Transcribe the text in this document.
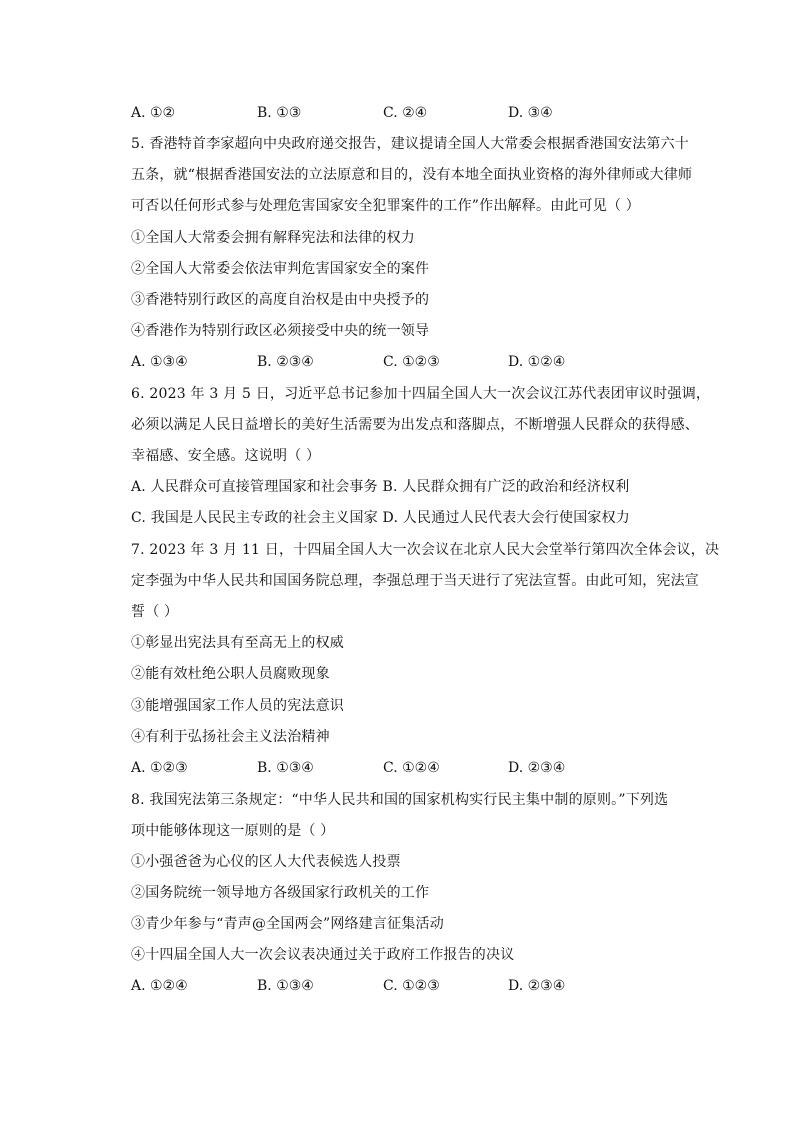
A. ①②	B. ①③	C. ②④	D. ③④
5. 香港特首李家超向中央政府递交报告，建议提请全国人大常委会根据香港国安法第六十
五条，就“根据香港国安法的立法原意和目的，没有本地全面执业资格的海外律师或大律师
可否以任何形式参与处理危害国家安全犯罪案件的工作”作出解释。由此可见（ ）
①全国人大常委会拥有解释宪法和法律的权力
②全国人大常委会依法审判危害国家安全的案件
③香港特别行政区的高度自治权是由中央授予的
④香港作为特别行政区必须接受中央的统一领导
A. ①③④	B. ②③④	C. ①②③	D. ①②④
6. 2023 年 3 月 5 日，习近平总书记参加十四届全国人大一次会议江苏代表团审议时强调，
必须以满足人民日益增长的美好生活需要为出发点和落脚点，不断增强人民群众的获得感、
幸福感、安全感。这说明（ ）
A. 人民群众可直接管理国家和社会事务 B. 人民群众拥有广泛的政治和经济权利
C. 我国是人民民主专政的社会主义国家 D. 人民通过人民代表大会行使国家权力
7. 2023 年 3 月 11 日，十四届全国人大一次会议在北京人民大会堂举行第四次全体会议，决
定李强为中华人民共和国国务院总理，李强总理于当天进行了宪法宣誓。由此可知，宪法宣
誓（ ）
①彰显出宪法具有至高无上的权威
②能有效杜绝公职人员腐败现象
③能增强国家工作人员的宪法意识
④有利于弘扬社会主义法治精神
A. ①②③	B. ①③④	C. ①②④	D. ②③④
8. 我国宪法第三条规定：“中华人民共和国的国家机构实行民主集中制的原则。”下列选
项中能够体现这一原则的是（ ）
①小强爸爸为心仪的区人大代表候选人投票
②国务院统一领导地方各级国家行政机关的工作
③青少年参与“青声@全国两会”网络建言征集活动
④十四届全国人大一次会议表决通过关于政府工作报告的决议
A. ①②④	B. ①③④	C. ①②③	D. ②③④
